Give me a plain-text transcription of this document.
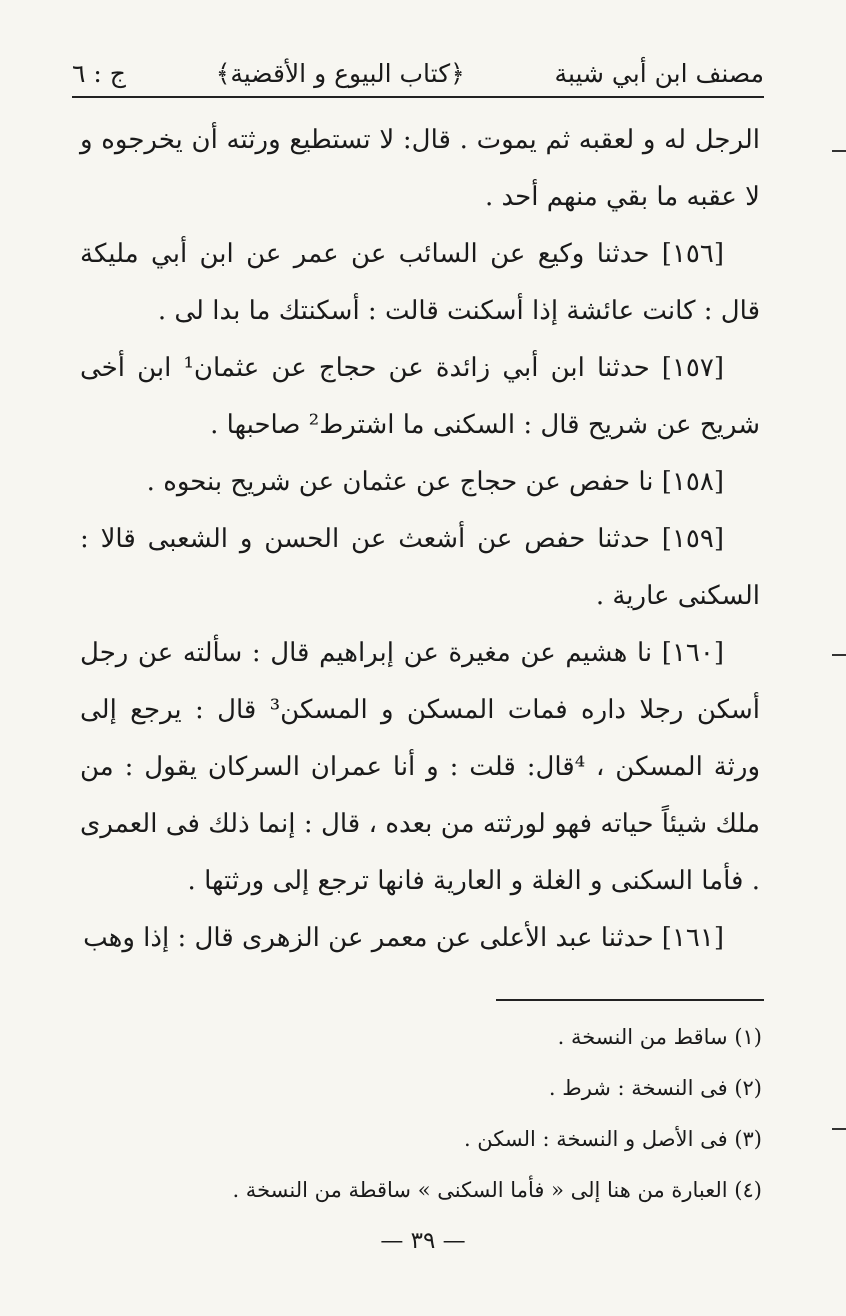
مصنف ابن أبي شيبة
﴿كتاب البيوع و الأقضية﴾
ج : ٦

الرجل له و لعقبه ثم يموت . قال: لا تستطيع ورثته أن يخرجوه و لا عقبه ما بقي منهم أحد .

[١٥٦] حدثنا وكيع عن السائب عن عمر عن ابن أبي مليكة قال : كانت عائشة إذا أسكنت قالت : أسكنتك ما بدا لى .

[١٥٧] حدثنا ابن أبي زائدة عن حجاج عن عثمان¹ ابن أخى شريح عن شريح قال : السكنى ما اشترط² صاحبها .

[١٥٨] نا حفص عن حجاج عن عثمان عن شريح بنحوه .

[١٥٩] حدثنا حفص عن أشعث عن الحسن و الشعبى قالا : السكنى عارية .

[١٦٠] نا هشيم عن مغيرة عن إبراهيم قال : سألته عن رجل أسكن رجلا داره فمات المسكن و المسكن³ قال : يرجع إلى ورثة المسكن ، ⁴قال: قلت : و أنا عمران السركان يقول : من ملك شيئاً حياته فهو لورثته من بعده ، قال : إنما ذلك فى العمرى . فأما السكنى و الغلة و العارية فانها ترجع إلى ورثتها .

[١٦١] حدثنا عبد الأعلى عن معمر عن الزهرى قال : إذا وهب

(١) ساقط من النسخة .

(٢) فى النسخة : شرط .

(٣) فى الأصل و النسخة : السكن .

(٤) العبارة من هنا إلى « فأما السكنى » ساقطة من النسخة .

— ٣٩ —
